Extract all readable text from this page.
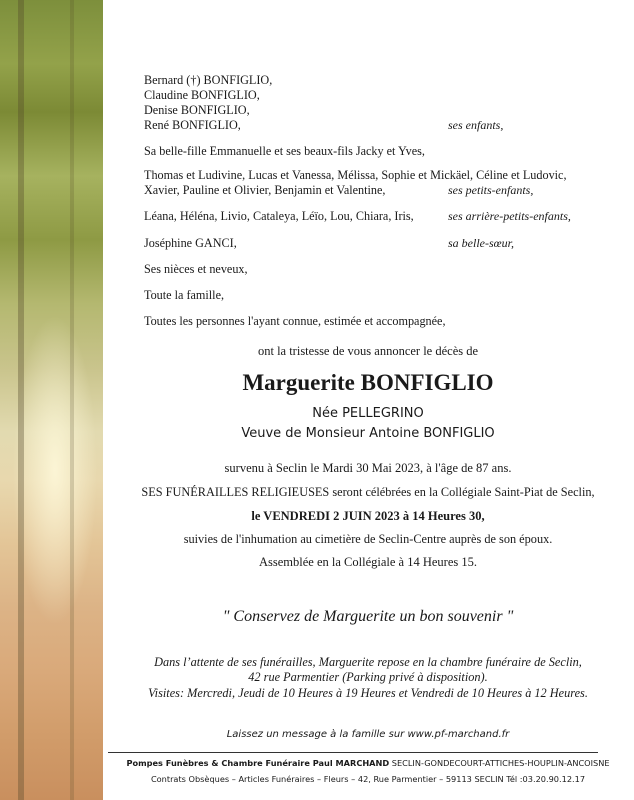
Bernard (†) BONFIGLIO,
Claudine BONFIGLIO,
Denise BONFIGLIO,
René BONFIGLIO,	ses enfants,
Sa belle-fille Emmanuelle et ses beaux-fils Jacky et Yves,
Thomas et Ludivine, Lucas et Vanessa, Mélissa, Sophie et Mickäel, Céline et Ludovic,
Xavier, Pauline et Olivier, Benjamin et Valentine,	ses petits-enfants,
Léana, Héléna, Livio, Cataleya, Léïo, Lou, Chiara, Iris,	ses arrière-petits-enfants,
Joséphine GANCI,	sa belle-sœur,
Ses nièces et neveux,
Toute la famille,
Toutes les personnes l'ayant connue, estimée et accompagnée,
ont la tristesse de vous annoncer le décès de
Marguerite BONFIGLIO
Née PELLEGRINO
Veuve de Monsieur Antoine BONFIGLIO
survenu à Seclin le Mardi 30 Mai 2023, à l'âge de 87 ans.
SES FUNÉRAILLES RELIGIEUSES seront célébrées en la Collégiale Saint-Piat de Seclin,
le VENDREDI 2 JUIN 2023 à 14 Heures 30,
suivies de l'inhumation au cimetière de Seclin-Centre auprès de son époux.
Assemblée en la Collégiale à 14 Heures 15.
" Conservez de Marguerite un bon souvenir "
Dans l’attente de ses funérailles, Marguerite repose en la chambre funéraire de Seclin,
42 rue Parmentier (Parking privé à disposition).
Visites: Mercredi, Jeudi de 10 Heures à 19 Heures et Vendredi de 10 Heures à 12 Heures.
Laissez un message à la famille sur www.pf-marchand.fr
Pompes Funèbres & Chambre Funéraire Paul MARCHAND SECLIN-GONDECOURT-ATTICHES-HOUPLIN-ANCOISNE
Contrats Obsèques – Articles Funéraires – Fleurs – 42, Rue Parmentier – 59113 SECLIN Tél :03.20.90.12.17
